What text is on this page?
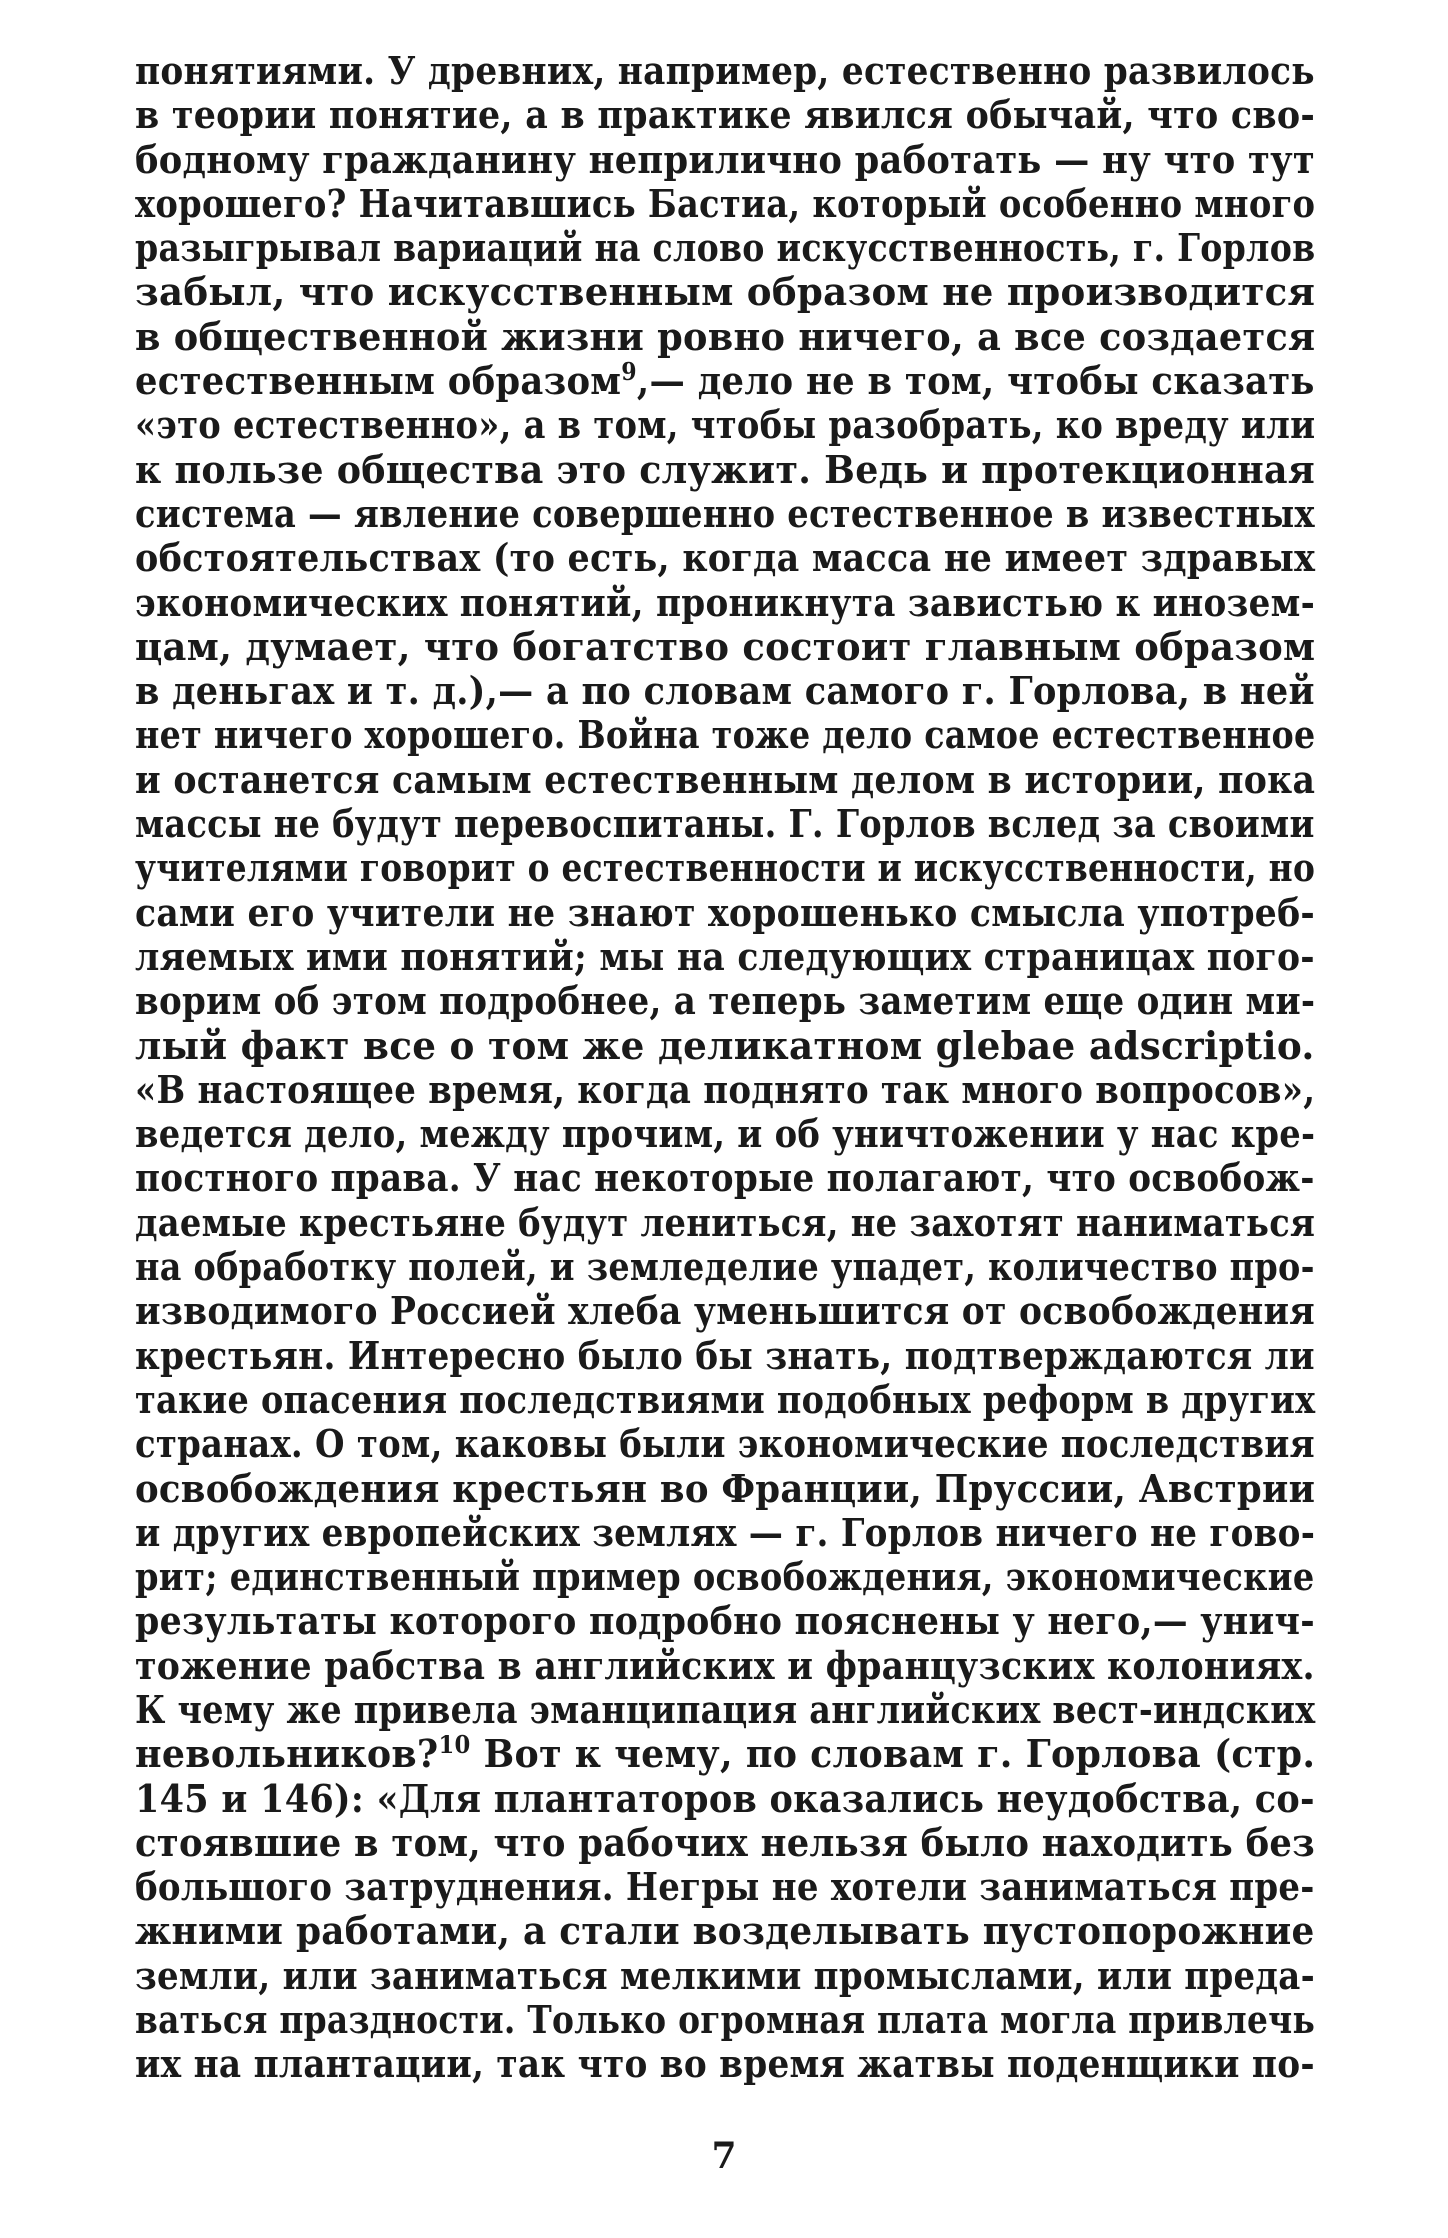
понятиями. У древних, например, естественно развилось
в теории понятие, а в практике явился обычай, что сво-
бодному гражданину неприлично работать — ну что тут
хорошего? Начитавшись Бастиа, который особенно много
разыгрывал вариаций на слово искусственность, г. Горлов
забыл, что искусственным образом не производится
в общественной жизни ровно ничего, а все создается
естественным образом$^9$,— дело не в том, чтобы сказать
«это естественно», а в том, чтобы разобрать, ко вреду или
к пользе общества это служит. Ведь и протекционная
система — явление совершенно естественное в известных
обстоятельствах (то есть, когда масса не имеет здравых
экономических понятий, проникнута завистью к инозем-
цам, думает, что богатство состоит главным образом
в деньгах и т. д.),— а по словам самого г. Горлова, в ней
нет ничего хорошего. Война тоже дело самое естественное
и останется самым естественным делом в истории, пока
массы не будут перевоспитаны. Г. Горлов вслед за своими
учителями говорит о естественности и искусственности, но
сами его учители не знают хорошенько смысла употреб-
ляемых ими понятий; мы на следующих страницах пого-
ворим об этом подробнее, а теперь заметим еще один ми-
лый факт все о том же деликатном glebae adscriptio.
«В настоящее время, когда поднято так много вопросов»,
ведется дело, между прочим, и об уничтожении у нас кре-
постного права. У нас некоторые полагают, что освобож-
даемые крестьяне будут лениться, не захотят наниматься
на обработку полей, и земледелие упадет, количество про-
изводимого Россией хлеба уменьшится от освобождения
крестьян. Интересно было бы знать, подтверждаются ли
такие опасения последствиями подобных реформ в других
странах. О том, каковы были экономические последствия
освобождения крестьян во Франции, Пруссии, Австрии
и других европейских землях — г. Горлов ничего не гово-
рит; единственный пример освобождения, экономические
результаты которого подробно пояснены у него,— унич-
тожение рабства в английских и французских колониях.
К чему же привела эманципация английских вест-индских
невольников?$^{10}$ Вот к чему, по словам г. Горлова (стр.
145 и 146): «Для плантаторов оказались неудобства, со-
стоявшие в том, что рабочих нельзя было находить без
большого затруднения. Негры не хотели заниматься пре-
жними работами, а стали возделывать пустопорожние
земли, или заниматься мелкими промыслами, или преда-
ваться праздности. Только огромная плата могла привлечь
их на плантации, так что во время жатвы поденщики по-
7
